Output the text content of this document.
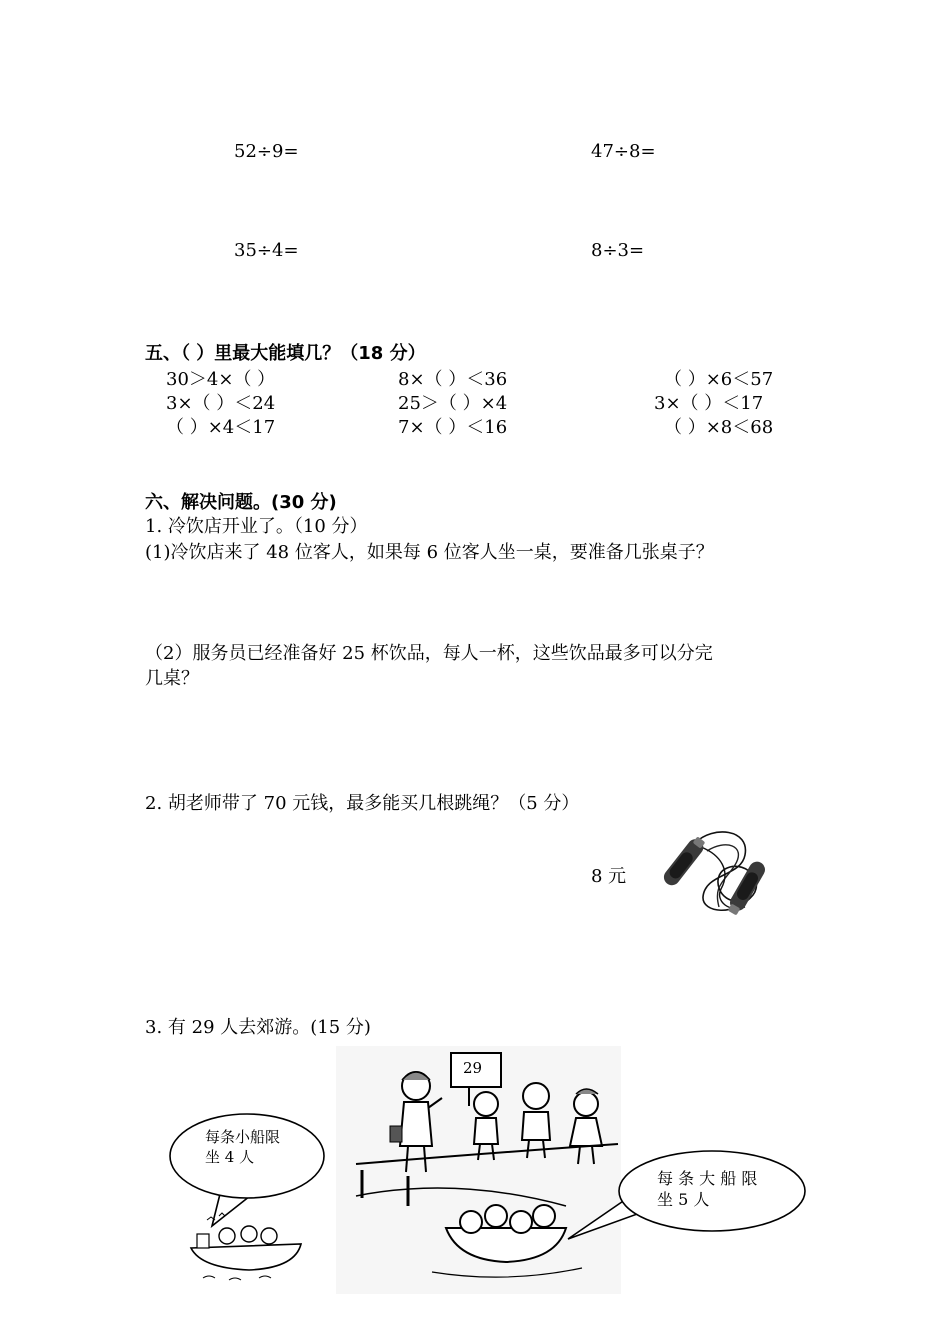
52÷9=	47÷8=
35÷4=	8÷3=
五、（ ）里最大能填几？（18 分）
30＞4×（ ）	8×（ ）＜36	（ ）×6＜57
3×（ ）＜24	25＞（ ）×4	3×（ ）＜17
（ ）×4＜17	7×（ ）＜16	（ ）×8＜68
六、解决问题。(30 分)
1. 冷饮店开业了。（10 分）
(1)冷饮店来了 48 位客人，如果每 6 位客人坐一桌，要准备几张桌子？
（2）服务员已经准备好 25 杯饮品，每人一杯，这些饮品最多可以分完
几桌？
2. 胡老师带了 70 元钱，最多能买几根跳绳？（5 分）
8 元
3. 有 29 人去郊游。(15 分)
29
每条小船限
坐 4 人
每 条 大 船 限
坐 5 人
